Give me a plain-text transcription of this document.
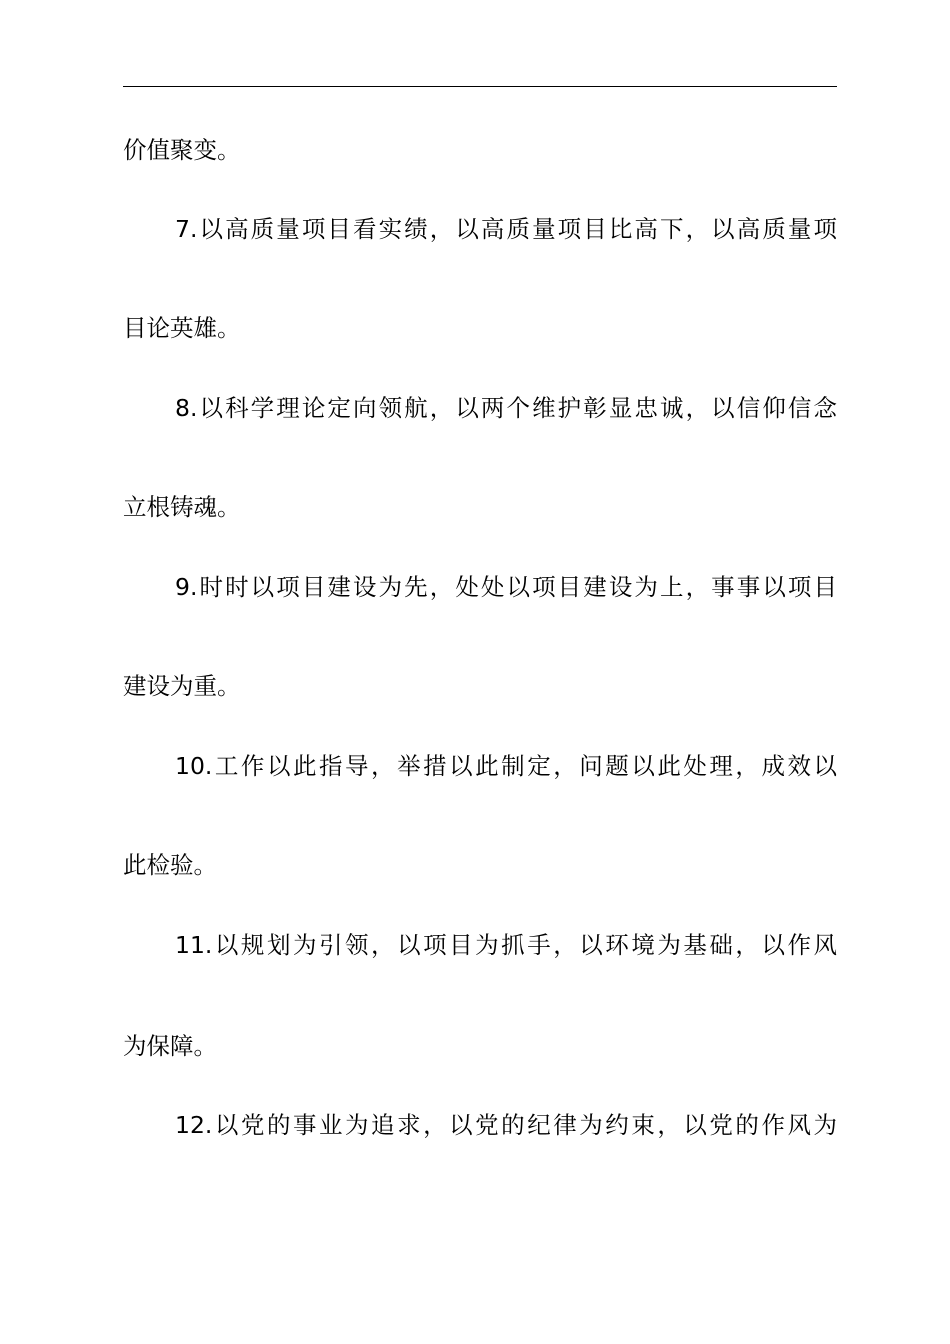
价值聚变。
7.以高质量项目看实绩，以高质量项目比高下，以高质量项
目论英雄。
8.以科学理论定向领航，以两个维护彰显忠诚，以信仰信念
立根铸魂。
9.时时以项目建设为先，处处以项目建设为上，事事以项目
建设为重。
10.工作以此指导，举措以此制定，问题以此处理，成效以
此检验。
11.以规划为引领，以项目为抓手，以环境为基础，以作风
为保障。
12.以党的事业为追求，以党的纪律为约束，以党的作风为
